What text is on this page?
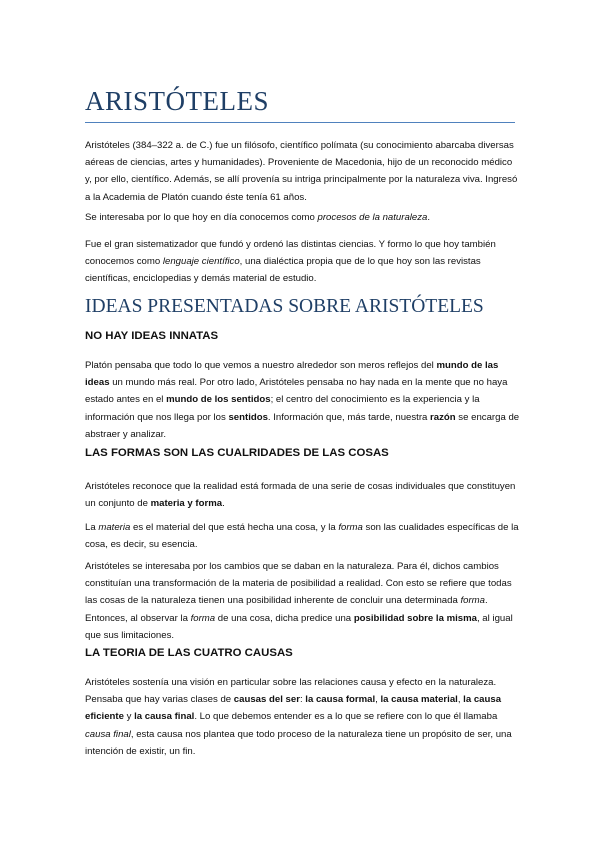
ARISTÓTELES

Aristóteles (384–322 a. de C.) fue un filósofo, científico polímata (su conocimiento abarcaba diversas aéreas de ciencias, artes y humanidades). Proveniente de Macedonia, hijo de un reconocido médico y, por ello, científico. Además, se allí provenía su intriga principalmente por la naturaleza viva. Ingresó a la Academia de Platón cuando éste tenía 61 años.

Se interesaba por lo que hoy en día conocemos como procesos de la naturaleza.

Fue el gran sistematizador que fundó y ordenó las distintas ciencias. Y formo lo que hoy también conocemos como lenguaje científico, una dialéctica propia que de lo que hoy son las revistas científicas, enciclopedias y demás material de estudio.

IDEAS PRESENTADAS SOBRE ARISTÓTELES
NO HAY IDEAS INNATAS

Platón pensaba que todo lo que vemos a nuestro alrededor son meros reflejos del mundo de las ideas un mundo más real. Por otro lado, Aristóteles pensaba no hay nada en la mente que no haya estado antes en el mundo de los sentidos; el centro del conocimiento es la experiencia y la información que nos llega por los sentidos. Información que, más tarde, nuestra razón se encarga de abstraer y analizar.

LAS FORMAS SON LAS CUALRIDADES DE LAS COSAS

Aristóteles reconoce que la realidad está formada de una serie de cosas individuales que constituyen un conjunto de materia y forma.

La materia es el material del que está hecha una cosa, y la forma son las cualidades específicas de la cosa, es decir, su esencia.

Aristóteles se interesaba por los cambios que se daban en la naturaleza. Para él, dichos cambios constituían una transformación de la materia de posibilidad a realidad. Con esto se refiere que todas las cosas de la naturaleza tienen una posibilidad inherente de concluir una determinada forma. Entonces, al observar la forma de una cosa, dicha predice una posibilidad sobre la misma, al igual que sus limitaciones.

LA TEORIA DE LAS CUATRO CAUSAS

Aristóteles sostenía una visión en particular sobre las relaciones causa y efecto en la naturaleza. Pensaba que hay varias clases de causas del ser: la causa formal, la causa material, la causa eficiente y la causa final. Lo que debemos entender es a lo que se refiere con lo que él llamaba causa final, esta causa nos plantea que todo proceso de la naturaleza tiene un propósito de ser, una intención de existir, un fin.
